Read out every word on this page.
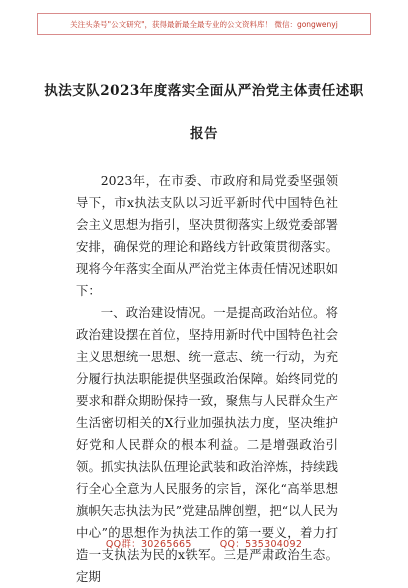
关注头条号"公文研究"，获得最新最全最专业的公文资料库！ 微信：gongwenyj
执法支队2023年度落实全面从严治党主体责任述职
报告

2023年，在市委、市政府和局党委坚强领导下，市x执法支队以习近平新时代中国特色社会主义思想为指引，坚决贯彻落实上级党委部署安排，确保党的理论和路线方针政策贯彻落实。现将今年落实全面从严治党主体责任情况述职如下：

一、政治建设情况。一是提高政治站位。将政治建设摆在首位，坚持用新时代中国特色社会主义思想统一思想、统一意志、统一行动，为充分履行执法职能提供坚强政治保障。始终同党的要求和群众期盼保持一致，聚焦与人民群众生产生活密切相关的X行业加强执法力度，坚决维护好党和人民群众的根本利益。二是增强政治引领。抓实执法队伍理论武装和政治淬炼，持续践行全心全意为人民服务的宗旨，深化“高举思想旗帜矢志执法为民”党建品牌创塑，把“以人民为中心”的思想作为执法工作的第一要义，着力打造一支执法为民的x铁军。三是严肃政治生态。定期

QQ群：30265665	QQ：535304092
